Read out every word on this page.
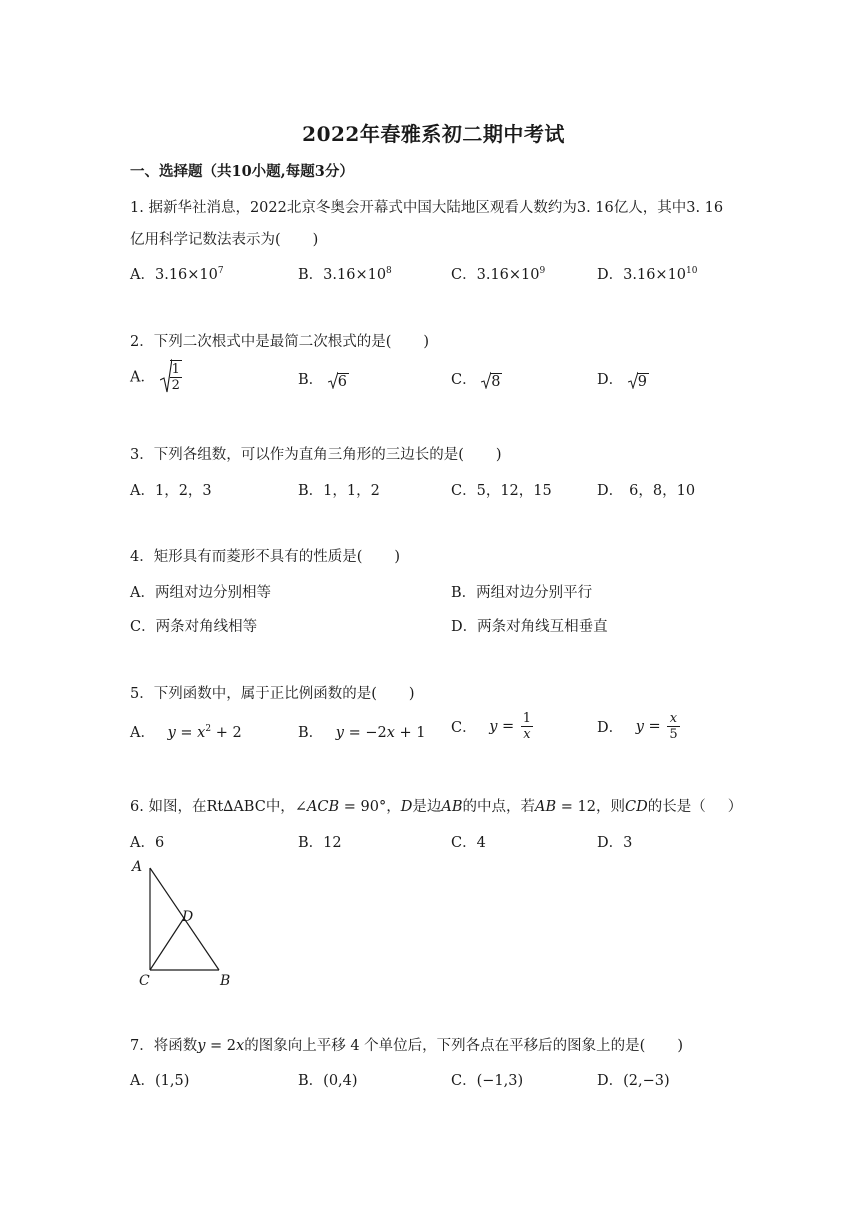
2022年春雅系初二期中考试
一、选择题（共10小题,每题3分）
1. 据新华社消息，2022北京冬奥会开幕式中国大陆地区观看人数约为3. 16亿人，其中3. 16
亿用科学记数法表示为( )
A．$3.16\times 10^7$	B．$3.16\times 10^8$	C．$3.16\times 10^9$	D．$3.16\times 10^{10}$
2．下列二次根式中是最简二次根式的是( )
A． $\frac{1}{2}$	B． 6	C． 8	D． 9
3．下列各组数，可以作为直角三角形的三边长的是( )
A．1，2，3	B．1，1，2	C．5，12，15	D． 6，8，10
4．矩形具有而菱形不具有的性质是( )
A．两组对边分别相等	B．两组对边分别平行
C．两条对角线相等	D．两条对角线互相垂直
5．下列函数中，属于正比例函数的是( )
A． $y = x^2 + 2$	B． y = −2x + 1 C． $y = \frac{1}{x}$	D． $y = \frac{x}{5}$
6. 如图，在Rt∆ABC中，∠ACB = 90°，D是边AB的中点，若AB = 12，则CD的长是（ ）
A．6	B．12	C．4	D．3
A
D
C	B
7．将函数y = 2x的图象向上平移 4 个单位后，下列各点在平移后的图象上的是( )
A．(1,5)	B．(0,4)	C．(−1,3)	D．(2,−3)
